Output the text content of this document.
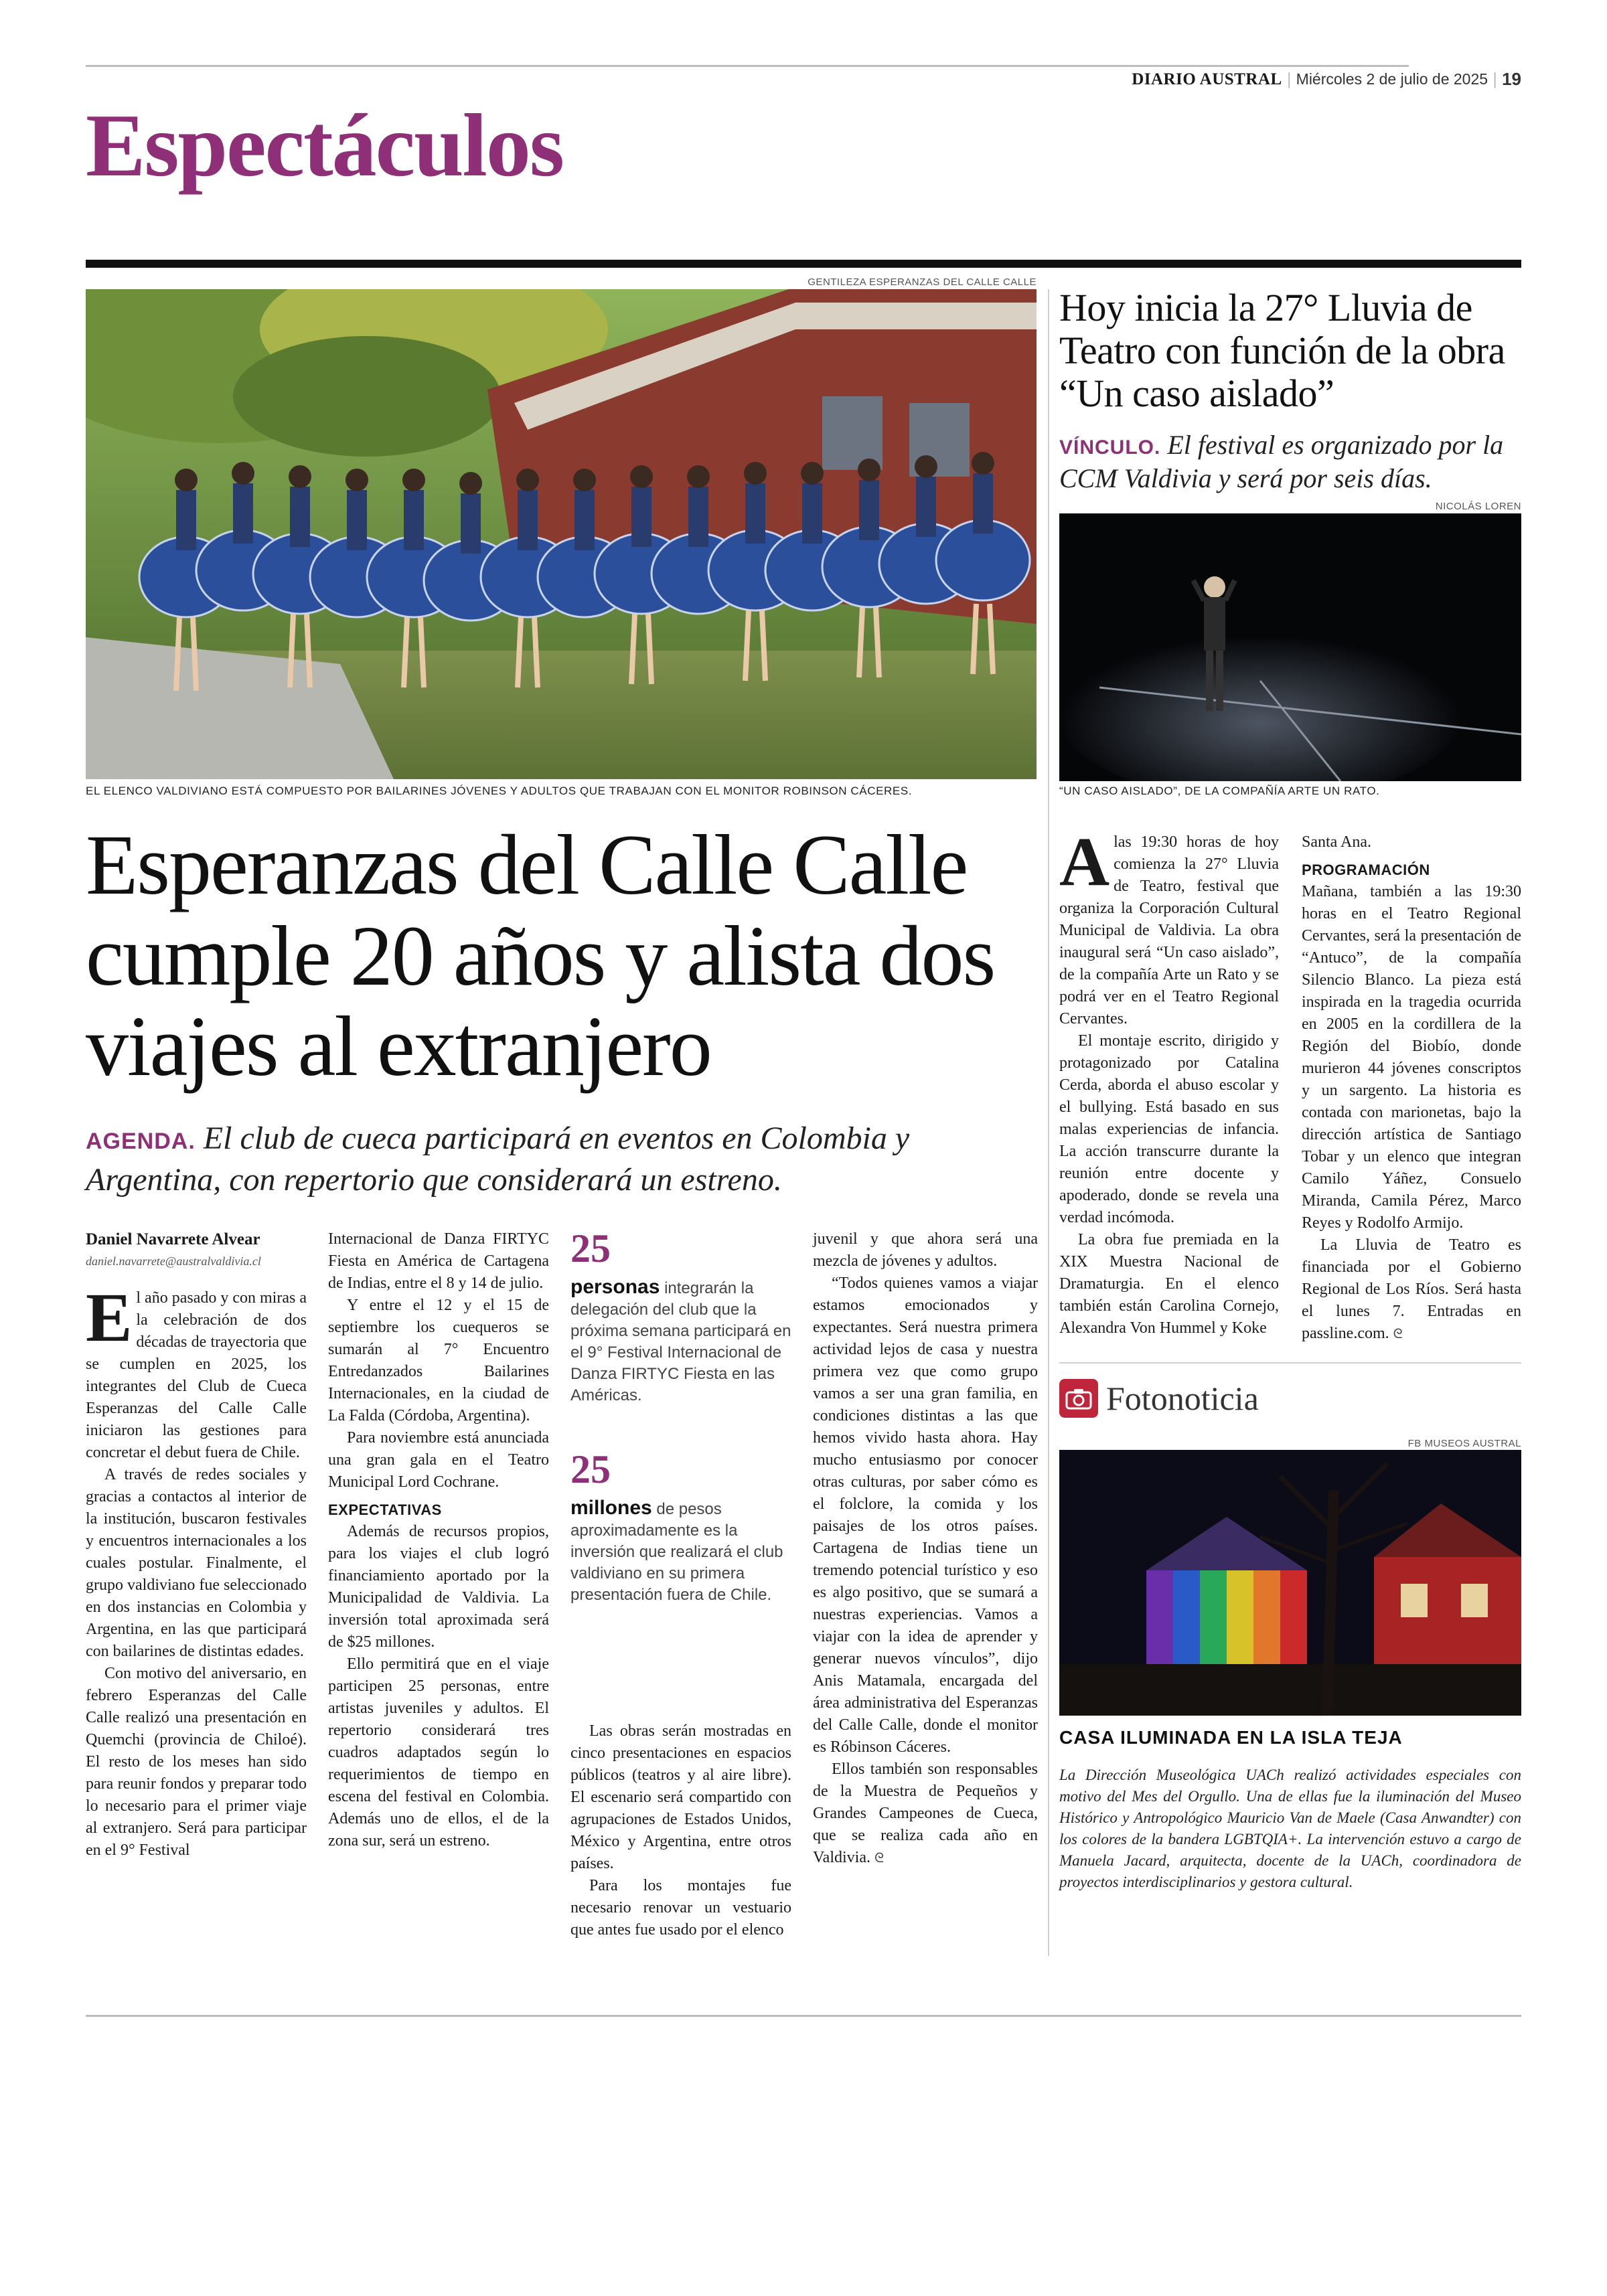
DIARIO AUSTRAL | Miércoles 2 de julio de 2025 | 19
Espectáculos
GENTILEZA ESPERANZAS DEL CALLE CALLE
EL ELENCO VALDIVIANO ESTÁ COMPUESTO POR BAILARINES JÓVENES Y ADULTOS QUE TRABAJAN CON EL MONITOR ROBINSON CÁCERES.
Esperanzas del Calle Calle cumple 20 años y alista dos viajes al extranjero
AGENDA. El club de cueca participará en eventos en Colombia y Argentina, con repertorio que considerará un estreno.
Daniel Navarrete Alvear
daniel.navarrete@australvaldivia.cl

El año pasado y con miras a la celebración de dos décadas de trayectoria que se cumplen en 2025, los integrantes del Club de Cueca Esperanzas del Calle Calle iniciaron las gestiones para concretar el debut fuera de Chile.

A través de redes sociales y gracias a contactos al interior de la institución, buscaron festivales y encuentros internacionales a los cuales postular. Finalmente, el grupo valdiviano fue seleccionado en dos instancias en Colombia y Argentina, en las que participará con bailarines de distintas edades.

Con motivo del aniversario, en febrero Esperanzas del Calle Calle realizó una presentación en Quemchi (provincia de Chiloé). El resto de los meses han sido para reunir fondos y preparar todo lo necesario para el primer viaje al extranjero. Será para participar en el 9° Festival

Internacional de Danza FIRTYC Fiesta en América de Cartagena de Indias, entre el 8 y 14 de julio.

Y entre el 12 y el 15 de septiembre los cuequeros se sumarán al 7° Encuentro Entredanzados Bailarines Internacionales, en la ciudad de La Falda (Córdoba, Argentina).

Para noviembre está anunciada una gran gala en el Teatro Municipal Lord Cochrane.

EXPECTATIVAS

Además de recursos propios, para los viajes el club logró financiamiento aportado por la Municipalidad de Valdivia. La inversión total aproximada será de $25 millones.

Ello permitirá que en el viaje participen 25 personas, entre artistas juveniles y adultos. El repertorio considerará tres cuadros adaptados según lo requerimientos de tiempo en escena del festival en Colombia. Además uno de ellos, el de la zona sur, será un estreno.

25
personas integrarán la delegación del club que la próxima semana participará en el 9° Festival Internacional de Danza FIRTYC Fiesta en las Américas.
25
millones de pesos aproximadamente es la inversión que realizará el club valdiviano en su primera presentación fuera de Chile.

Las obras serán mostradas en cinco presentaciones en espacios públicos (teatros y al aire libre). El escenario será compartido con agrupaciones de Estados Unidos, México y Argentina, entre otros países.

Para los montajes fue necesario renovar un vestuario que antes fue usado por el elenco

juvenil y que ahora será una mezcla de jóvenes y adultos.

“Todos quienes vamos a viajar estamos emocionados y expectantes. Será nuestra primera actividad lejos de casa y nuestra primera vez que como grupo vamos a ser una gran familia, en condiciones distintas a las que hemos vivido hasta ahora. Hay mucho entusiasmo por conocer otras culturas, por saber cómo es el folclore, la comida y los paisajes de los otros países. Cartagena de Indias tiene un tremendo potencial turístico y eso es algo positivo, que se sumará a nuestras experiencias. Vamos a viajar con la idea de aprender y generar nuevos vínculos”, dijo Anis Matamala, encargada del área administrativa del Esperanzas del Calle Calle, donde el monitor es Róbinson Cáceres.

Ellos también son responsables de la Muestra de Pequeños y Grandes Campeones de Cueca, que se realiza cada año en Valdivia. ᘓ

Hoy inicia la 27° Lluvia de Teatro con función de la obra “Un caso aislado”
VÍNCULO. El festival es organizado por la CCM Valdivia y será por seis días.
NICOLÁS LOREN
“UN CASO AISLADO”, DE LA COMPAÑÍA ARTE UN RATO.

Alas 19:30 horas de hoy comienza la 27° Lluvia de Teatro, festival que organiza la Corporación Cultural Municipal de Valdivia. La obra inaugural será “Un caso aislado”, de la compañía Arte un Rato y se podrá ver en el Teatro Regional Cervantes.

El montaje escrito, dirigido y protagonizado por Catalina Cerda, aborda el abuso escolar y el bullying. Está basado en sus malas experiencias de infancia. La acción transcurre durante la reunión entre docente y apoderado, donde se revela una verdad incómoda.

La obra fue premiada en la XIX Muestra Nacional de Dramaturgia. En el elenco también están Carolina Cornejo, Alexandra Von Hummel y Koke

Santa Ana.

PROGRAMACIÓN

Mañana, también a las 19:30 horas en el Teatro Regional Cervantes, será la presentación de “Antuco”, de la compañía Silencio Blanco. La pieza está inspirada en la tragedia ocurrida en 2005 en la cordillera de la Región del Biobío, donde murieron 44 jóvenes conscriptos y un sargento. La historia es contada con marionetas, bajo la dirección artística de Santiago Tobar y un elenco que integran Camilo Yáñez, Consuelo Miranda, Camila Pérez, Marco Reyes y Rodolfo Armijo.

La Lluvia de Teatro es financiada por el Gobierno Regional de Los Ríos. Será hasta el lunes 7. Entradas en passline.com. ᘓ

Fotonoticia
FB MUSEOS AUSTRAL
CASA ILUMINADA EN LA ISLA TEJA
La Dirección Museológica UACh realizó actividades especiales con motivo del Mes del Orgullo. Una de ellas fue la iluminación del Museo Histórico y Antropológico Mauricio Van de Maele (Casa Anwandter) con los colores de la bandera LGBTQIA+. La intervención estuvo a cargo de Manuela Jacard, arquitecta, docente de la UACh, coordinadora de proyectos interdisciplinarios y gestora cultural.
